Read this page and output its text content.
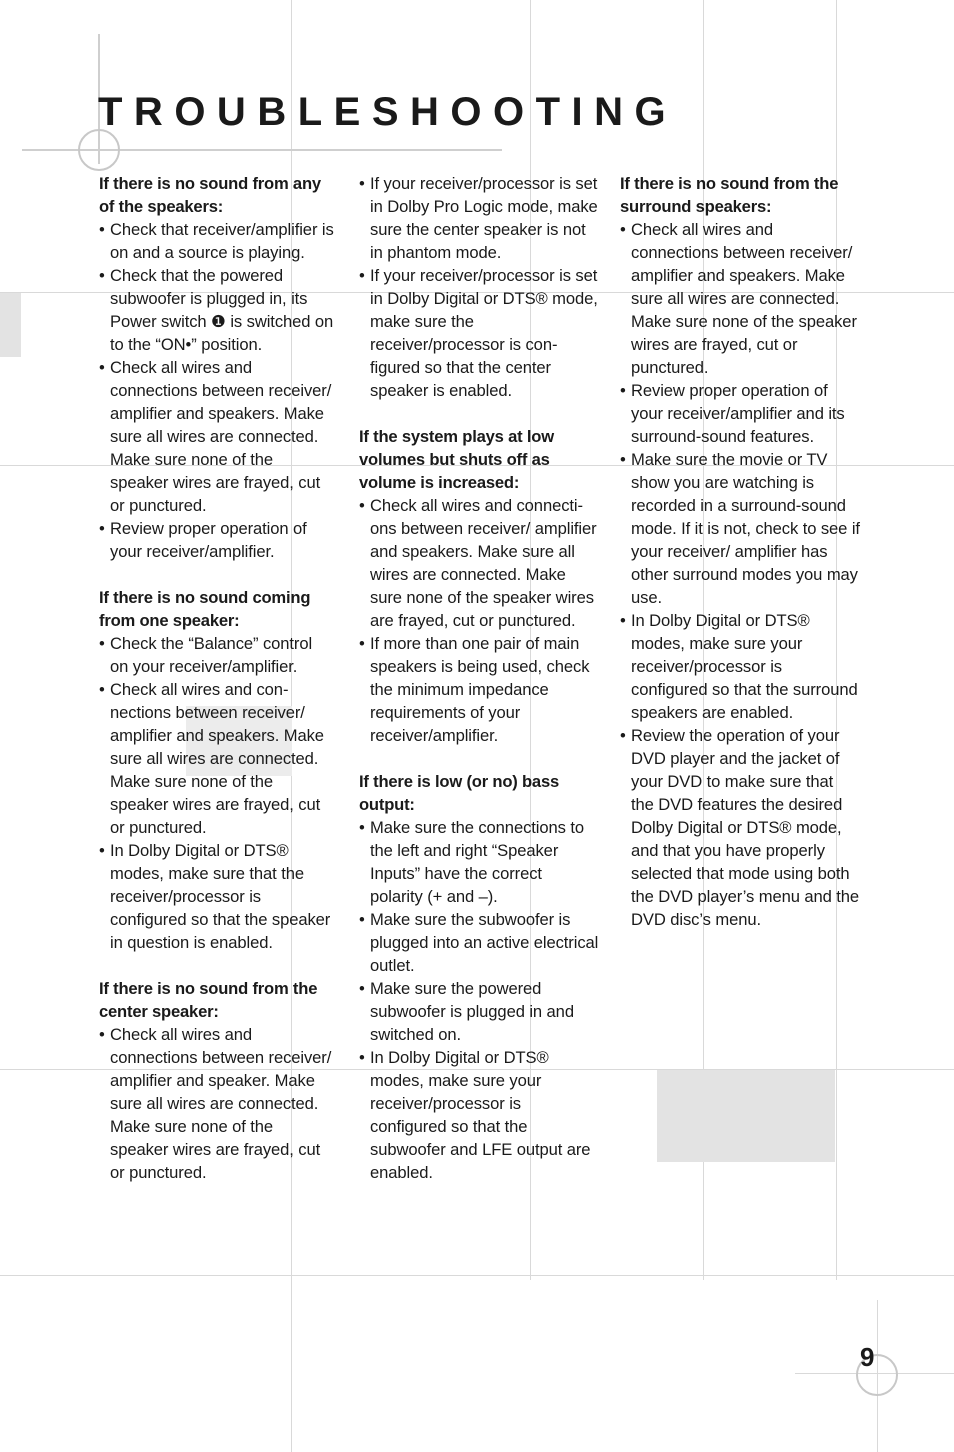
TROUBLESHOOTING
If there is no sound from any of the speakers:
• Check that receiver/amplifier is on and a source is playing.
• Check that the powered subwoofer is plugged in, its Power switch ❶ is switched on to the “ON•” position.
• Check all wires and connections between receiver/ amplifier and speakers. Make sure all wires are connected. Make sure none of the speaker wires are frayed, cut or punctured.
• Review proper operation of your receiver/amplifier.
If there is no sound coming from one speaker:
• Check the “Balance” control on your receiver/amplifier.
• Check all wires and con-nections between receiver/ amplifier and speakers. Make sure all wires are connected. Make sure none of the speaker wires are frayed, cut or punctured.
• In Dolby Digital or DTS® modes, make sure that the receiver/processor is configured so that the speaker in question is enabled.
If there is no sound from the center speaker:
• Check all wires and connections between receiver/ amplifier and speaker. Make sure all wires are connected. Make sure none of the speaker wires are frayed, cut or punctured.
• If your receiver/processor is set in Dolby Pro Logic mode, make sure the center speaker is not in phantom mode.
• If your receiver/processor is set in Dolby Digital or DTS® mode, make sure the receiver/processor is con-figured so that the center speaker is enabled.
If the system plays at low volumes but shuts off as volume is increased:
• Check all wires and connecti-ons between receiver/ amplifier and speakers. Make sure all wires are connected. Make sure none of the speaker wires are frayed, cut or punctured.
• If more than one pair of main speakers is being used, check the minimum impedance requirements of your receiver/amplifier.
If there is low (or no) bass output:
• Make sure the connections to the left and right “Speaker Inputs” have the correct polarity (+ and –).
• Make sure the subwoofer is plugged into an active electrical outlet.
• Make sure the powered subwoofer is plugged in and switched on.
• In Dolby Digital or DTS® modes, make sure your receiver/processor is configured so that the subwoofer and LFE output are enabled.
If there is no sound from the surround speakers:
• Check all wires and connections between receiver/ amplifier and speakers. Make sure all wires are connected. Make sure none of the speaker wires are frayed, cut or punctured.
• Review proper operation of your receiver/amplifier and its surround-sound features.
• Make sure the movie or TV show you are watching is recorded in a surround-sound mode. If it is not, check to see if your receiver/ amplifier has other surround modes you may use.
• In Dolby Digital or DTS® modes, make sure your receiver/processor is configured so that the surround speakers are enabled.
• Review the operation of your DVD player and the jacket of your DVD to make sure that the DVD features the desired Dolby Digital or DTS® mode, and that you have properly selected that mode using both the DVD player’s menu and the DVD disc’s menu.
9
